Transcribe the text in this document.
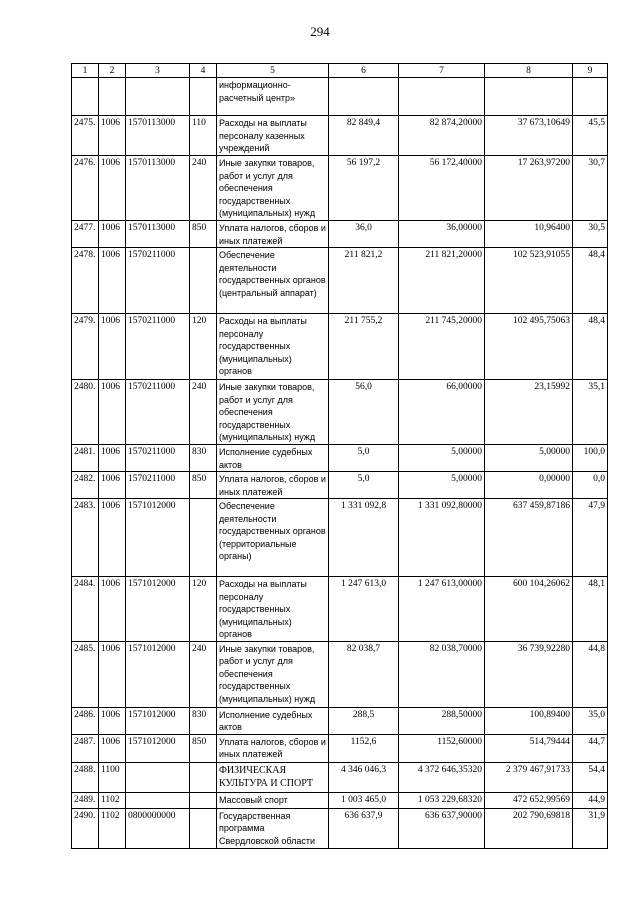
294
1	2	3	4	5	6	7	8	9
				информационно-расчетный центр»				
2475.	1006	1570113000	110	Расходы на выплаты персоналу казенных учреждений	82 849,4	82 874,20000	37 673,10649	45,5
2476.	1006	1570113000	240	Иные закупки товаров, работ и услуг для обеспечения государственных (муниципальных) нужд	56 197,2	56 172,40000	17 263,97200	30,7
2477.	1006	1570113000	850	Уплата налогов, сборов и иных платежей	36,0	36,00000	10,96400	30,5
2478.	1006	1570211000		Обеспечение деятельности государственных органов (центральный аппарат)	211 821,2	211 821,20000	102 523,91055	48,4
2479.	1006	1570211000	120	Расходы на выплаты персоналу государственных (муниципальных) органов	211 755,2	211 745,20000	102 495,75063	48,4
2480.	1006	1570211000	240	Иные закупки товаров, работ и услуг для обеспечения государственных (муниципальных) нужд	56,0	66,00000	23,15992	35,1
2481.	1006	1570211000	830	Исполнение судебных актов	5,0	5,00000	5,00000	100,0
2482.	1006	1570211000	850	Уплата налогов, сборов и иных платежей	5,0	5,00000	0,00000	0,0
2483.	1006	1571012000		Обеспечение деятельности государственных органов (территориальные органы)	1 331 092,8	1 331 092,80000	637 459,87186	47,9
2484.	1006	1571012000	120	Расходы на выплаты персоналу государственных (муниципальных) органов	1 247 613,0	1 247 613,00000	600 104,26062	48,1
2485.	1006	1571012000	240	Иные закупки товаров, работ и услуг для обеспечения государственных (муниципальных) нужд	82 038,7	82 038,70000	36 739,92280	44,8
2486.	1006	1571012000	830	Исполнение судебных актов	288,5	288,50000	100,89400	35,0
2487.	1006	1571012000	850	Уплата налогов, сборов и иных платежей	1152,6	1152,60000	514,79444	44,7
2488.	1100			ФИЗИЧЕСКАЯ КУЛЬТУРА И СПОРТ	4 346 046,3	4 372 646,35320	2 379 467,91733	54,4
2489.	1102			Массовый спорт	1 003 465,0	1 053 229,68320	472 652,99569	44,9
2490.	1102	0800000000		Государственная программа Свердловской области	636 637,9	636 637,90000	202 790,69818	31,9
